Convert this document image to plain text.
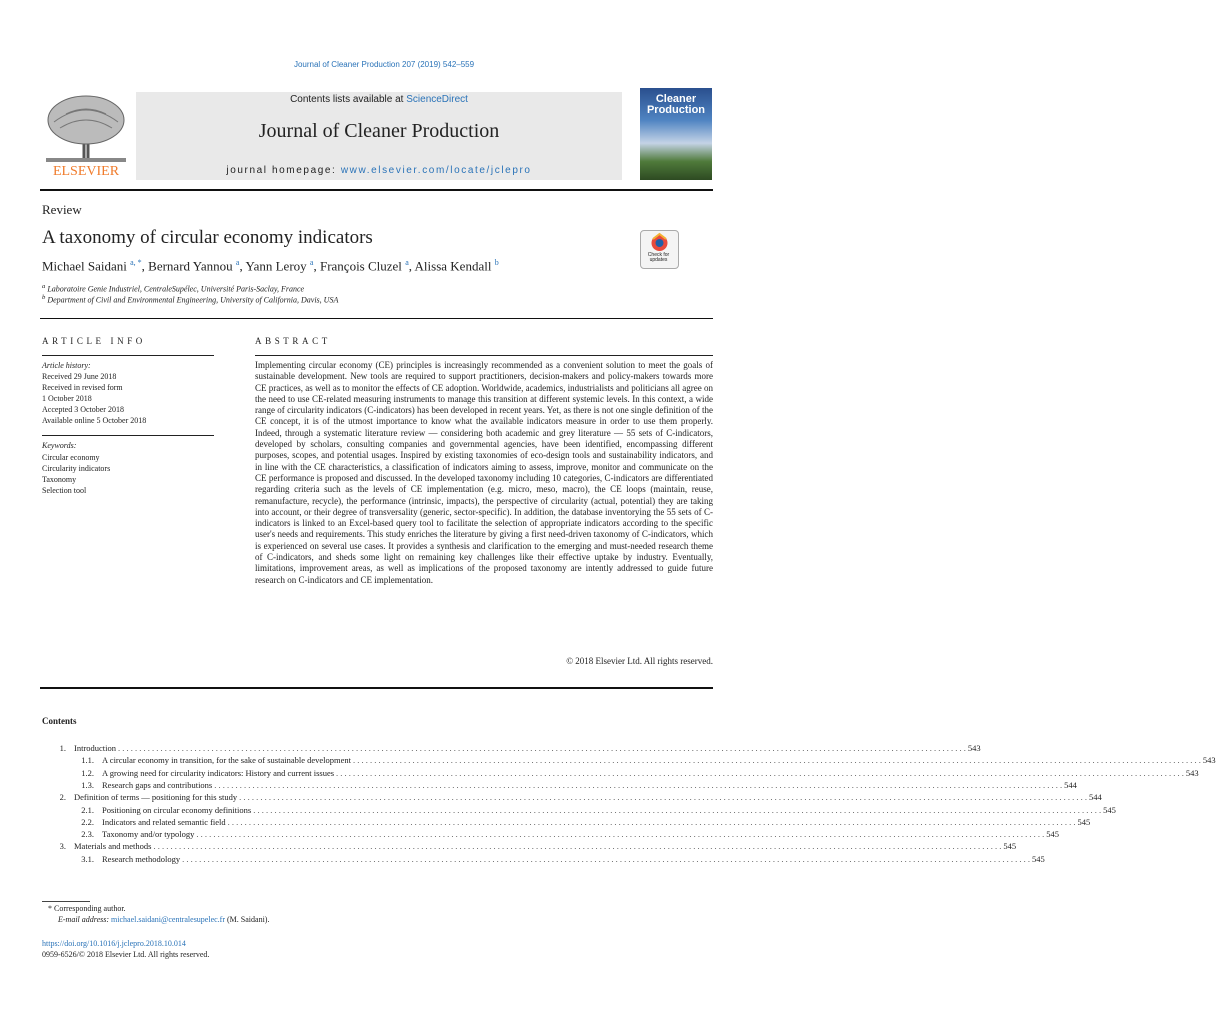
Journal of Cleaner Production 207 (2019) 542–559
ELSEVIER
Contents lists available at ScienceDirect
Journal of Cleaner Production
journal homepage: www.elsevier.com/locate/jclepro
Cleaner Production
Review
A taxonomy of circular economy indicators
Check for updates
Michael Saidani $^{a, *}$, Bernard Yannou $^a$, Yann Leroy $^a$, François Cluzel $^a$, Alissa Kendall $^b$
$^a$ Laboratoire Genie Industriel, CentraleSupélec, Université Paris-Saclay, France
$^b$ Department of Civil and Environmental Engineering, University of California, Davis, USA
ARTICLE INFO
Article history:
Received 29 June 2018
Received in revised form
1 October 2018
Accepted 3 October 2018
Available online 5 October 2018
Keywords:
Circular economy
Circularity indicators
Taxonomy
Selection tool
ABSTRACT
Implementing circular economy (CE) principles is increasingly recommended as a convenient solution to meet the goals of sustainable development. New tools are required to support practitioners, decision-makers and policy-makers towards more CE practices, as well as to monitor the effects of CE adoption. Worldwide, academics, industrialists and politicians all agree on the need to use CE-related measuring instruments to manage this transition at different systemic levels. In this context, a wide range of circularity indicators (C-indicators) has been developed in recent years. Yet, as there is not one single definition of the CE concept, it is of the utmost importance to know what the available indicators measure in order to use them properly. Indeed, through a systematic literature review — considering both academic and grey literature — 55 sets of C-indicators, developed by scholars, consulting companies and governmental agencies, have been identified, encompassing different purposes, scopes, and potential usages. Inspired by existing taxonomies of eco-design tools and sustainability indicators, and in line with the CE characteristics, a classification of indicators aiming to assess, improve, monitor and communicate on the CE performance is proposed and discussed. In the developed taxonomy including 10 categories, C-indicators are differentiated regarding criteria such as the levels of CE implementation (e.g. micro, meso, macro), the CE loops (maintain, reuse, remanufacture, recycle), the performance (intrinsic, impacts), the perspective of circularity (actual, potential) they are taking into account, or their degree of transversality (generic, sector-specific). In addition, the database inventorying the 55 sets of C-indicators is linked to an Excel-based query tool to facilitate the selection of appropriate indicators according to the specific user's needs and requirements. This study enriches the literature by giving a first need-driven taxonomy of C-indicators, which is experienced on several use cases. It provides a synthesis and clarification to the emerging and must-needed research theme of C-indicators, and sheds some light on remaining key challenges like their effective uptake by industry. Eventually, limitations, improvement areas, as well as implications of the proposed taxonomy are intently addressed to guide future research on C-indicators and CE implementation.
© 2018 Elsevier Ltd. All rights reserved.
Contents
1. Introduction . . . . . . . . . . . . . . . . . . . . . . . . . . . . . . . . . . . . . . . . . . . . . . . . . . . . . . . . . . . . . . . . . . . . . . . . . . . . . . . . . . . . . . . . . . . . . . . . . . . . . . . . . . . . . . . . . . . . . . . . . . . . . . . . . . . . . . . . . . . . . . . . . . . . . . . . . . . . . . . . . . . . . . . . . . . . . . . . . . . . . . . . . . . . . . . . . . . . . . . . 543
1.1. A circular economy in transition, for the sake of sustainable development . . . . . . . . . . . . . . . . . . . . . . . . . . . . . . . . . . . . . . . . . . . . . . . . . . . . . . . . . . . . . . . . . . . . . . . . . . . . . . . . . . . . . . . . . . . . . . . . . . . . . . . . . . . . . . . . . . . . . . . . . . . . . . . . . . . . . . . . . . . . . . . . . . . . . . . . . . . . . . . . . . . . . . . . . . . . . . . . . . . . . . . . . . . . . . . . . . . . . . . . 543
1.2. A growing need for circularity indicators: History and current issues . . . . . . . . . . . . . . . . . . . . . . . . . . . . . . . . . . . . . . . . . . . . . . . . . . . . . . . . . . . . . . . . . . . . . . . . . . . . . . . . . . . . . . . . . . . . . . . . . . . . . . . . . . . . . . . . . . . . . . . . . . . . . . . . . . . . . . . . . . . . . . . . . . . . . . . . . . . . . . . . . . . . . . . . . . . . . . . . . . . . . . . . . . . . . . . . . . . . . . . . 543
1.3. Research gaps and contributions . . . . . . . . . . . . . . . . . . . . . . . . . . . . . . . . . . . . . . . . . . . . . . . . . . . . . . . . . . . . . . . . . . . . . . . . . . . . . . . . . . . . . . . . . . . . . . . . . . . . . . . . . . . . . . . . . . . . . . . . . . . . . . . . . . . . . . . . . . . . . . . . . . . . . . . . . . . . . . . . . . . . . . . . . . . . . . . . . . . . . . . . . . . . . . . . . . . . . . . . 544
2. Definition of terms — positioning for this study . . . . . . . . . . . . . . . . . . . . . . . . . . . . . . . . . . . . . . . . . . . . . . . . . . . . . . . . . . . . . . . . . . . . . . . . . . . . . . . . . . . . . . . . . . . . . . . . . . . . . . . . . . . . . . . . . . . . . . . . . . . . . . . . . . . . . . . . . . . . . . . . . . . . . . . . . . . . . . . . . . . . . . . . . . . . . . . . . . . . . . . . . . . . . . . . . . . . . . . . 544
2.1. Positioning on circular economy definitions . . . . . . . . . . . . . . . . . . . . . . . . . . . . . . . . . . . . . . . . . . . . . . . . . . . . . . . . . . . . . . . . . . . . . . . . . . . . . . . . . . . . . . . . . . . . . . . . . . . . . . . . . . . . . . . . . . . . . . . . . . . . . . . . . . . . . . . . . . . . . . . . . . . . . . . . . . . . . . . . . . . . . . . . . . . . . . . . . . . . . . . . . . . . . . . . . . . . . . . . 545
2.2. Indicators and related semantic field . . . . . . . . . . . . . . . . . . . . . . . . . . . . . . . . . . . . . . . . . . . . . . . . . . . . . . . . . . . . . . . . . . . . . . . . . . . . . . . . . . . . . . . . . . . . . . . . . . . . . . . . . . . . . . . . . . . . . . . . . . . . . . . . . . . . . . . . . . . . . . . . . . . . . . . . . . . . . . . . . . . . . . . . . . . . . . . . . . . . . . . . . . . . . . . . . . . . . . . . 545
2.3. Taxonomy and/or typology . . . . . . . . . . . . . . . . . . . . . . . . . . . . . . . . . . . . . . . . . . . . . . . . . . . . . . . . . . . . . . . . . . . . . . . . . . . . . . . . . . . . . . . . . . . . . . . . . . . . . . . . . . . . . . . . . . . . . . . . . . . . . . . . . . . . . . . . . . . . . . . . . . . . . . . . . . . . . . . . . . . . . . . . . . . . . . . . . . . . . . . . . . . . . . . . . . . . . . . . 545
3. Materials and methods . . . . . . . . . . . . . . . . . . . . . . . . . . . . . . . . . . . . . . . . . . . . . . . . . . . . . . . . . . . . . . . . . . . . . . . . . . . . . . . . . . . . . . . . . . . . . . . . . . . . . . . . . . . . . . . . . . . . . . . . . . . . . . . . . . . . . . . . . . . . . . . . . . . . . . . . . . . . . . . . . . . . . . . . . . . . . . . . . . . . . . . . . . . . . . . . . . . . . . . . 545
3.1. Research methodology . . . . . . . . . . . . . . . . . . . . . . . . . . . . . . . . . . . . . . . . . . . . . . . . . . . . . . . . . . . . . . . . . . . . . . . . . . . . . . . . . . . . . . . . . . . . . . . . . . . . . . . . . . . . . . . . . . . . . . . . . . . . . . . . . . . . . . . . . . . . . . . . . . . . . . . . . . . . . . . . . . . . . . . . . . . . . . . . . . . . . . . . . . . . . . . . . . . . . . . . 545
* Corresponding author.
E-mail address: michael.saidani@centralesupelec.fr (M. Saidani).
https://doi.org/10.1016/j.jclepro.2018.10.014
0959-6526/© 2018 Elsevier Ltd. All rights reserved.
